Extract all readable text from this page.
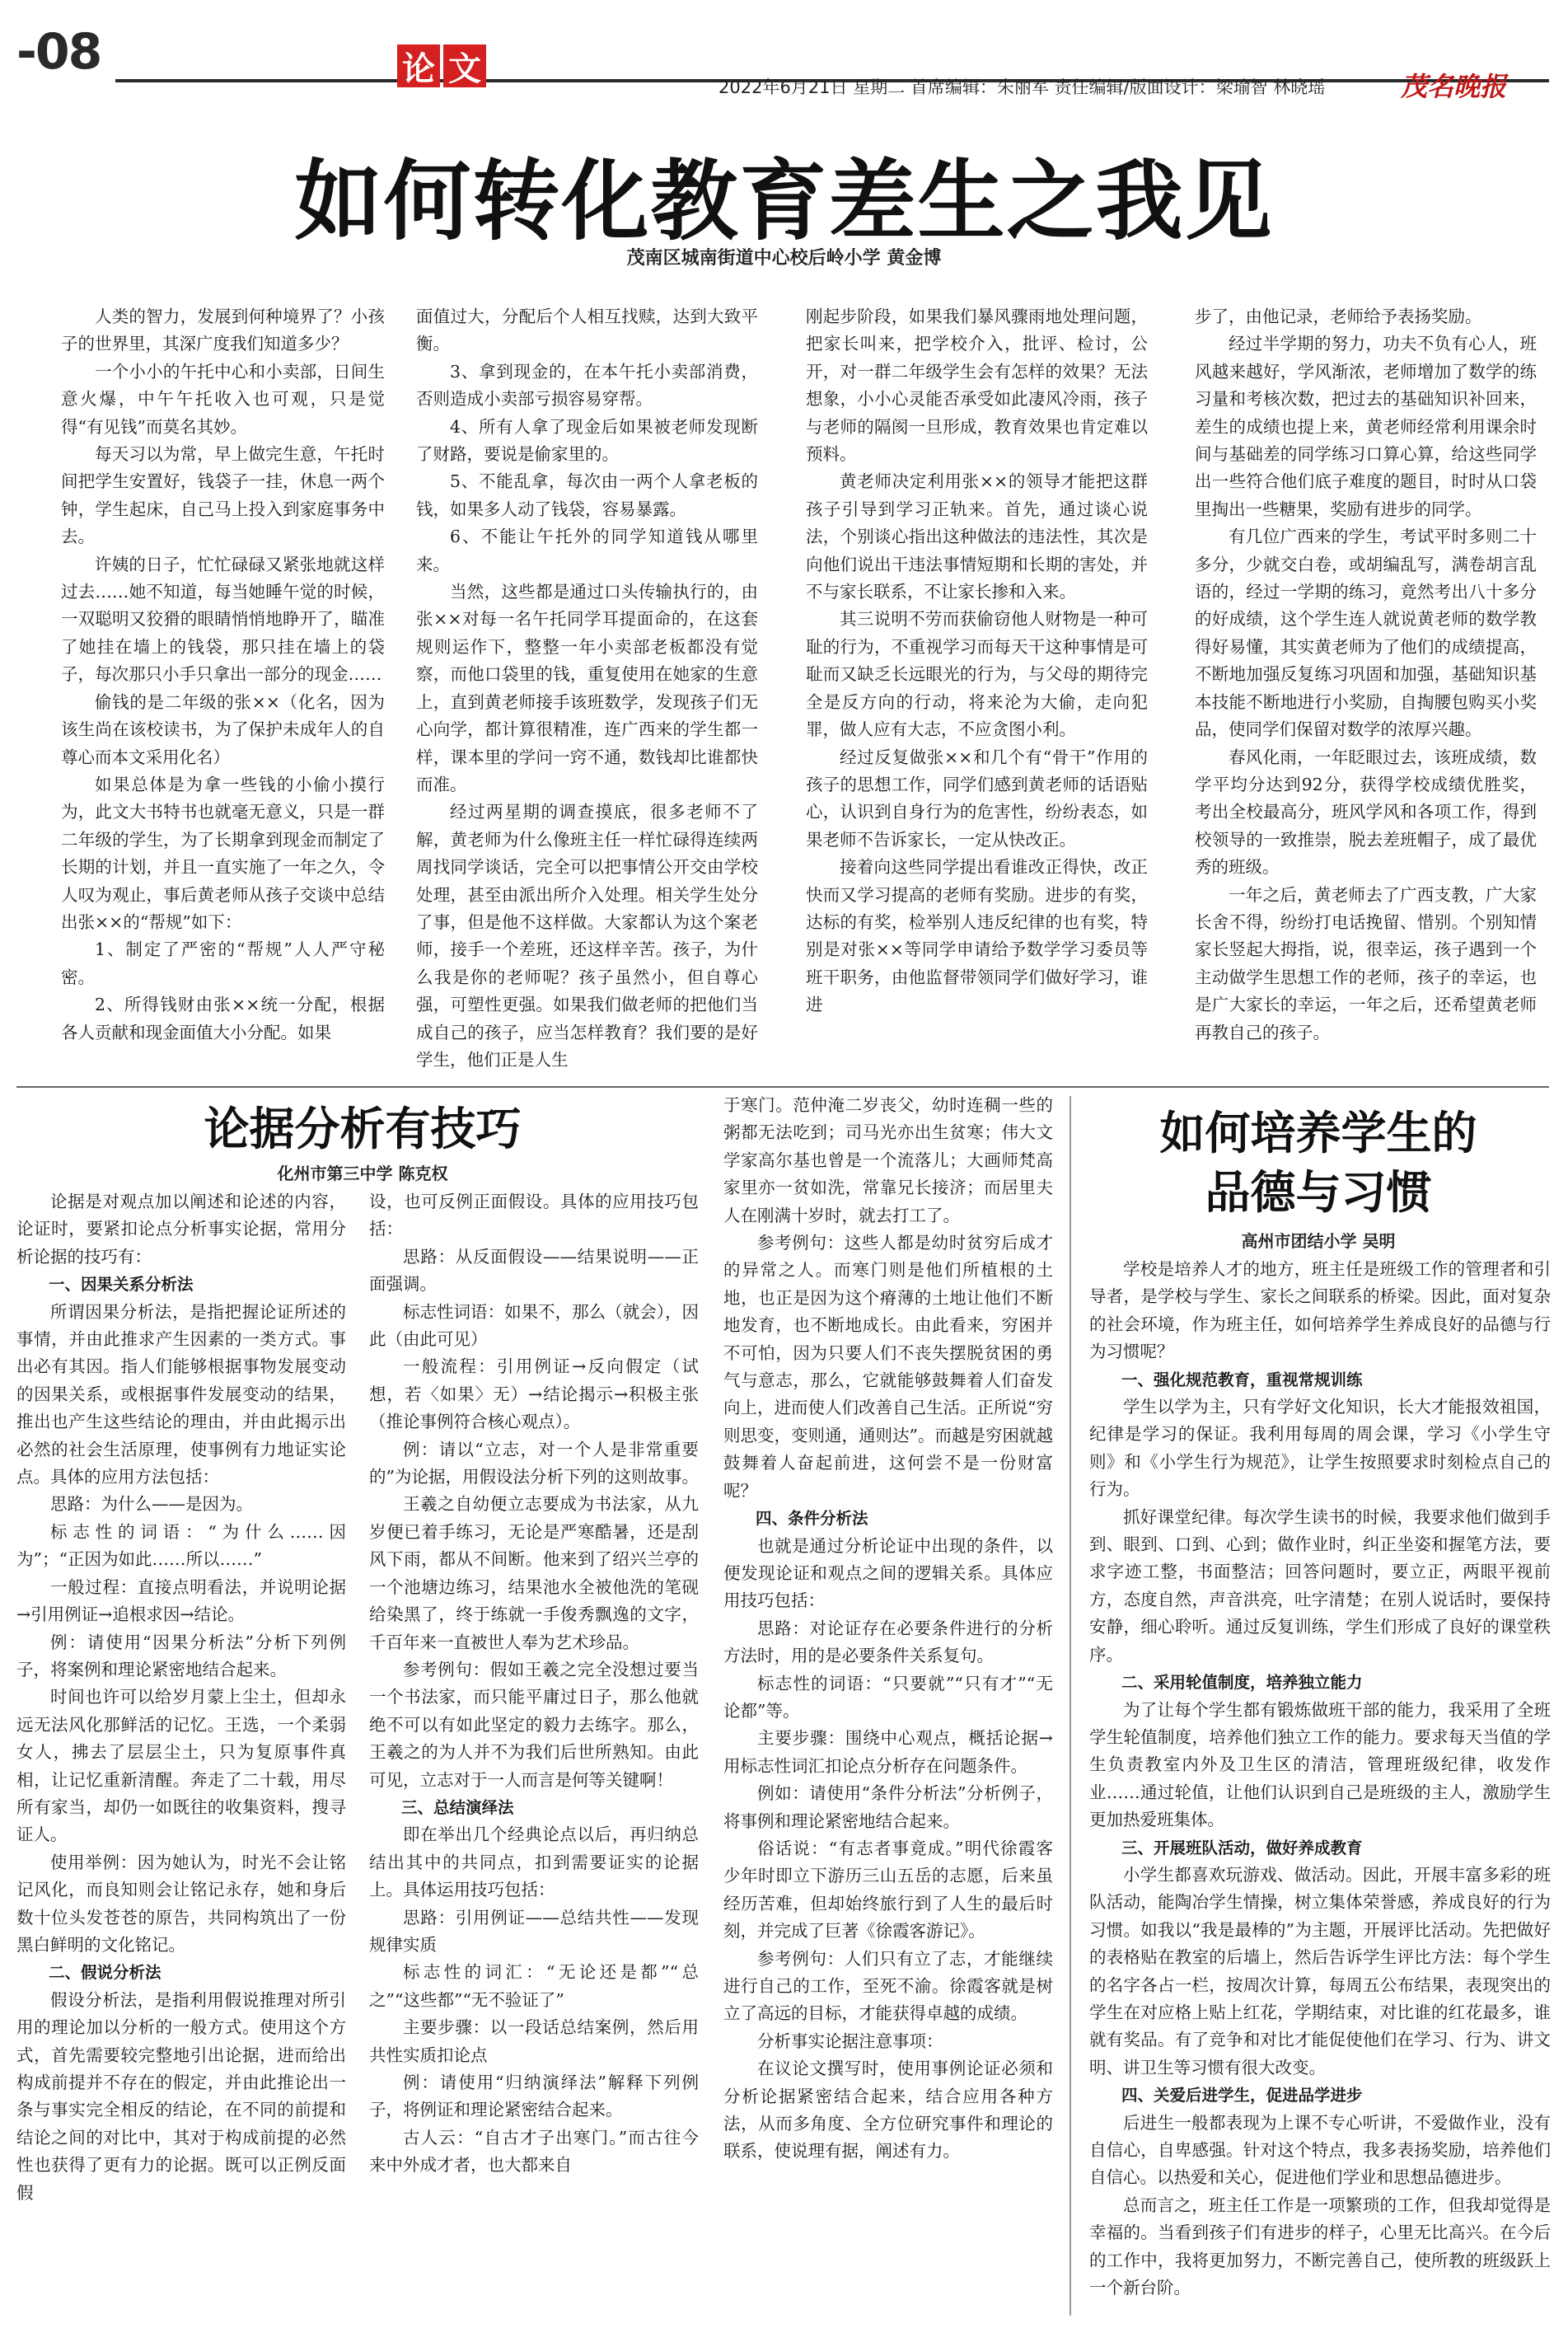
-08	论 文	2022年6月21日 星期二 首席编辑：朱丽军 责任编辑/版面设计：梁瑜智 林晓瑶	茂名晚报
如何转化教育差生之我见
茂南区城南街道中心校后岭小学 黄金博

人类的智力，发展到何种境界了？小孩子的世界里，其深广度我们知道多少？

一个小小的午托中心和小卖部，日间生意火爆，中午午托收入也可观，只是觉得“有见钱”而莫名其妙。

每天习以为常，早上做完生意，午托时间把学生安置好，钱袋子一挂，休息一两个钟，学生起床，自己马上投入到家庭事务中去。

许姨的日子，忙忙碌碌又紧张地就这样过去……她不知道，每当她睡午觉的时候，一双聪明又狡猾的眼睛悄悄地睁开了，瞄准了她挂在墙上的钱袋，那只挂在墙上的袋子，每次那只小手只拿出一部分的现金……

偷钱的是二年级的张××（化名，因为该生尚在该校读书，为了保护未成年人的自尊心而本文采用化名）

如果总体是为拿一些钱的小偷小摸行为，此文大书特书也就毫无意义，只是一群二年级的学生，为了长期拿到现金而制定了长期的计划，并且一直实施了一年之久，令人叹为观止，事后黄老师从孩子交谈中总结出张××的“帮规”如下：

1、制定了严密的“帮规”人人严守秘密。

2、所得钱财由张××统一分配，根据各人贡献和现金面值大小分配。如果

面值过大，分配后个人相互找赎，达到大致平衡。

3、拿到现金的，在本午托小卖部消费，否则造成小卖部亏损容易穿帮。

4、所有人拿了现金后如果被老师发现断了财路，要说是偷家里的。

5、不能乱拿，每次由一两个人拿老板的钱，如果多人动了钱袋，容易暴露。

6、不能让午托外的同学知道钱从哪里来。

当然，这些都是通过口头传输执行的，由张××对每一名午托同学耳提面命的，在这套规则运作下，整整一年小卖部老板都没有觉察，而他口袋里的钱，重复使用在她家的生意上，直到黄老师接手该班数学，发现孩子们无心向学，都计算很精准，连广西来的学生都一样，课本里的学问一窍不通，数钱却比谁都快而准。

经过两星期的调查摸底，很多老师不了解，黄老师为什么像班主任一样忙碌得连续两周找同学谈话，完全可以把事情公开交由学校处理，甚至由派出所介入处理。相关学生处分了事，但是他不这样做。大家都认为这个案老师，接手一个差班，还这样辛苦。孩子，为什么我是你的老师呢？孩子虽然小，但自尊心强，可塑性更强。如果我们做老师的把他们当成自己的孩子，应当怎样教育？我们要的是好学生，他们正是人生

刚起步阶段，如果我们暴风骤雨地处理问题，把家长叫来，把学校介入，批评、检讨，公开，对一群二年级学生会有怎样的效果？无法想象，小小心灵能否承受如此凄风冷雨，孩子与老师的隔阂一旦形成，教育效果也肯定难以预料。

黄老师决定利用张××的领导才能把这群孩子引导到学习正轨来。首先，通过谈心说法，个别谈心指出这种做法的违法性，其次是向他们说出干违法事情短期和长期的害处，并不与家长联系，不让家长掺和入来。

其三说明不劳而获偷窃他人财物是一种可耻的行为，不重视学习而每天干这种事情是可耻而又缺乏长远眼光的行为，与父母的期待完全是反方向的行动，将来沦为大偷，走向犯罪，做人应有大志，不应贪图小利。

经过反复做张××和几个有“骨干”作用的孩子的思想工作，同学们感到黄老师的话语贴心，认识到自身行为的危害性，纷纷表态，如果老师不告诉家长，一定从快改正。

接着向这些同学提出看谁改正得快，改正快而又学习提高的老师有奖励。进步的有奖，达标的有奖，检举别人违反纪律的也有奖，特别是对张××等同学申请给予数学学习委员等班干职务，由他监督带领同学们做好学习，谁进

步了，由他记录，老师给予表扬奖励。

经过半学期的努力，功夫不负有心人，班风越来越好，学风渐浓，老师增加了数学的练习量和考核次数，把过去的基础知识补回来，差生的成绩也提上来，黄老师经常利用课余时间与基础差的同学练习口算心算，给这些同学出一些符合他们底子难度的题目，时时从口袋里掏出一些糖果，奖励有进步的同学。

有几位广西来的学生，考试平时多则二十多分，少就交白卷，或胡编乱写，满卷胡言乱语的，经过一学期的练习，竟然考出八十多分的好成绩，这个学生连人就说黄老师的数学教得好易懂，其实黄老师为了他们的成绩提高，不断地加强反复练习巩固和加强，基础知识基本技能不断地进行小奖励，自掏腰包购买小奖品，使同学们保留对数学的浓厚兴趣。

春风化雨，一年眨眼过去，该班成绩，数学平均分达到92分，获得学校成绩优胜奖，考出全校最高分，班风学风和各项工作，得到校领导的一致推崇，脱去差班帽子，成了最优秀的班级。

一年之后，黄老师去了广西支教，广大家长舍不得，纷纷打电话挽留、惜别。个别知情家长竖起大拇指，说，很幸运，孩子遇到一个主动做学生思想工作的老师，孩子的幸运，也是广大家长的幸运，一年之后，还希望黄老师再教自己的孩子。

论据分析有技巧
化州市第三中学 陈克权

论据是对观点加以阐述和论述的内容，论证时，要紧扣论点分析事实论据，常用分析论据的技巧有：

一、因果关系分析法

所谓因果分析法，是指把握论证所述的事情，并由此推求产生因素的一类方式。事出必有其因。指人们能够根据事物发展变动的因果关系，或根据事件发展变动的结果，推出也产生这些结论的理由，并由此揭示出必然的社会生活原理，使事例有力地证实论点。具体的应用方法包括：

思路：为什么——是因为。

标志性的词语：“为什么……因为”；“正因为如此……所以……”

一般过程：直接点明看法，并说明论据→引用例证→追根求因→结论。

例：请使用“因果分析法”分析下列例子，将案例和理论紧密地结合起来。

时间也许可以给岁月蒙上尘土，但却永远无法风化那鲜活的记忆。王选，一个柔弱女人，拂去了层层尘土，只为复原事件真相，让记忆重新清醒。奔走了二十载，用尽所有家当，却仍一如既往的收集资料，搜寻证人。

使用举例：因为她认为，时光不会让铭记风化，而良知则会让铭记永存，她和身后数十位头发苍苍的原告，共同构筑出了一份黑白鲜明的文化铭记。

二、假说分析法

假设分析法，是指利用假说推理对所引用的理论加以分析的一般方式。使用这个方式，首先需要较完整地引出论据，进而给出构成前提并不存在的假定，并由此推论出一条与事实完全相反的结论，在不同的前提和结论之间的对比中，其对于构成前提的必然性也获得了更有力的论据。既可以正例反面假

设，也可反例正面假设。具体的应用技巧包括：

思路：从反面假设——结果说明——正面强调。

标志性词语：如果不，那么（就会），因此（由此可见）

一般流程：引用例证→反向假定（试想，若〈如果〉无）→结论揭示→积极主张（推论事例符合核心观点）。

例：请以“立志，对一个人是非常重要的”为论据，用假设法分析下列的这则故事。

王羲之自幼便立志要成为书法家，从九岁便已着手练习，无论是严寒酷暑，还是刮风下雨，都从不间断。他来到了绍兴兰亭的一个池塘边练习，结果池水全被他洗的笔砚给染黑了，终于练就一手俊秀飘逸的文字，千百年来一直被世人奉为艺术珍品。

参考例句：假如王羲之完全没想过要当一个书法家，而只能平庸过日子，那么他就绝不可以有如此坚定的毅力去练字。那么，王羲之的为人并不为我们后世所熟知。由此可见，立志对于一人而言是何等关键啊！

三、总结演绎法

即在举出几个经典论点以后，再归纳总结出其中的共同点，扣到需要证实的论据上。具体运用技巧包括：

思路：引用例证——总结共性——发现规律实质

标志性的词汇：“无论还是都”“总之”“这些都”“无不验证了”

主要步骤：以一段话总结案例，然后用共性实质扣论点

例：请使用“归纳演绎法”解释下列例子，将例证和理论紧密结合起来。

古人云：“自古才子出寒门。”而古往今来中外成才者，也大都来自

于寒门。范仲淹二岁丧父，幼时连稠一些的粥都无法吃到；司马光亦出生贫寒；伟大文学家高尔基也曾是一个流落儿；大画师梵高家里亦一贫如洗，常靠兄长接济；而居里夫人在刚满十岁时，就去打工了。

参考例句：这些人都是幼时贫穷后成才的异常之人。而寒门则是他们所植根的土地，也正是因为这个瘠薄的土地让他们不断地发育，也不断地成长。由此看来，穷困并不可怕，因为只要人们不丧失摆脱贫困的勇气与意志，那么，它就能够鼓舞着人们奋发向上，进而使人们改善自己生活。正所说“穷则思变，变则通，通则达”。而越是穷困就越鼓舞着人奋起前进，这何尝不是一份财富呢？

四、条件分析法

也就是通过分析论证中出现的条件，以便发现论证和观点之间的逻辑关系。具体应用技巧包括：

思路：对论证存在必要条件进行的分析方法时，用的是必要条件关系复句。

标志性的词语：“只要就”“只有才”“无论都”等。

主要步骤：围绕中心观点，概括论据→用标志性词汇扣论点分析存在问题条件。

例如：请使用“条件分析法”分析例子，将事例和理论紧密地结合起来。

俗话说：“有志者事竟成。”明代徐霞客少年时即立下游历三山五岳的志愿，后来虽经历苦难，但却始终旅行到了人生的最后时刻，并完成了巨著《徐霞客游记》。

参考例句：人们只有立了志，才能继续进行自己的工作，至死不渝。徐霞客就是树立了高远的目标，才能获得卓越的成绩。

分析事实论据注意事项：

在议论文撰写时，使用事例论证必须和分析论据紧密结合起来，结合应用各种方法，从而多角度、全方位研究事件和理论的联系，使说理有据，阐述有力。

如何培养学生的
品德与习惯
高州市团结小学 吴明

学校是培养人才的地方，班主任是班级工作的管理者和引导者，是学校与学生、家长之间联系的桥梁。因此，面对复杂的社会环境，作为班主任，如何培养学生养成良好的品德与行为习惯呢？

一、强化规范教育，重视常规训练

学生以学为主，只有学好文化知识，长大才能报效祖国，纪律是学习的保证。我利用每周的周会课，学习《小学生守则》和《小学生行为规范》，让学生按照要求时刻检点自己的行为。

抓好课堂纪律。每次学生读书的时候，我要求他们做到手到、眼到、口到、心到；做作业时，纠正坐姿和握笔方法，要求字迹工整，书面整洁；回答问题时，要立正，两眼平视前方，态度自然，声音洪亮，吐字清楚；在别人说话时，要保持安静，细心聆听。通过反复训练，学生们形成了良好的课堂秩序。

二、采用轮值制度，培养独立能力

为了让每个学生都有锻炼做班干部的能力，我采用了全班学生轮值制度，培养他们独立工作的能力。要求每天当值的学生负责教室内外及卫生区的清洁，管理班级纪律，收发作业……通过轮值，让他们认识到自己是班级的主人，激励学生更加热爱班集体。

三、开展班队活动，做好养成教育

小学生都喜欢玩游戏、做活动。因此，开展丰富多彩的班队活动，能陶冶学生情操，树立集体荣誉感，养成良好的行为习惯。如我以“我是最棒的”为主题，开展评比活动。先把做好的表格贴在教室的后墙上，然后告诉学生评比方法：每个学生的名字各占一栏，按周次计算，每周五公布结果，表现突出的学生在对应格上贴上红花，学期结束，对比谁的红花最多，谁就有奖品。有了竞争和对比才能促使他们在学习、行为、讲文明、讲卫生等习惯有很大改变。

四、关爱后进学生，促进品学进步

后进生一般都表现为上课不专心听讲，不爱做作业，没有自信心，自卑感强。针对这个特点，我多表扬奖励，培养他们自信心。以热爱和关心，促进他们学业和思想品德进步。

总而言之，班主任工作是一项繁琐的工作，但我却觉得是幸福的。当看到孩子们有进步的样子，心里无比高兴。在今后的工作中，我将更加努力，不断完善自己，使所教的班级跃上一个新台阶。
